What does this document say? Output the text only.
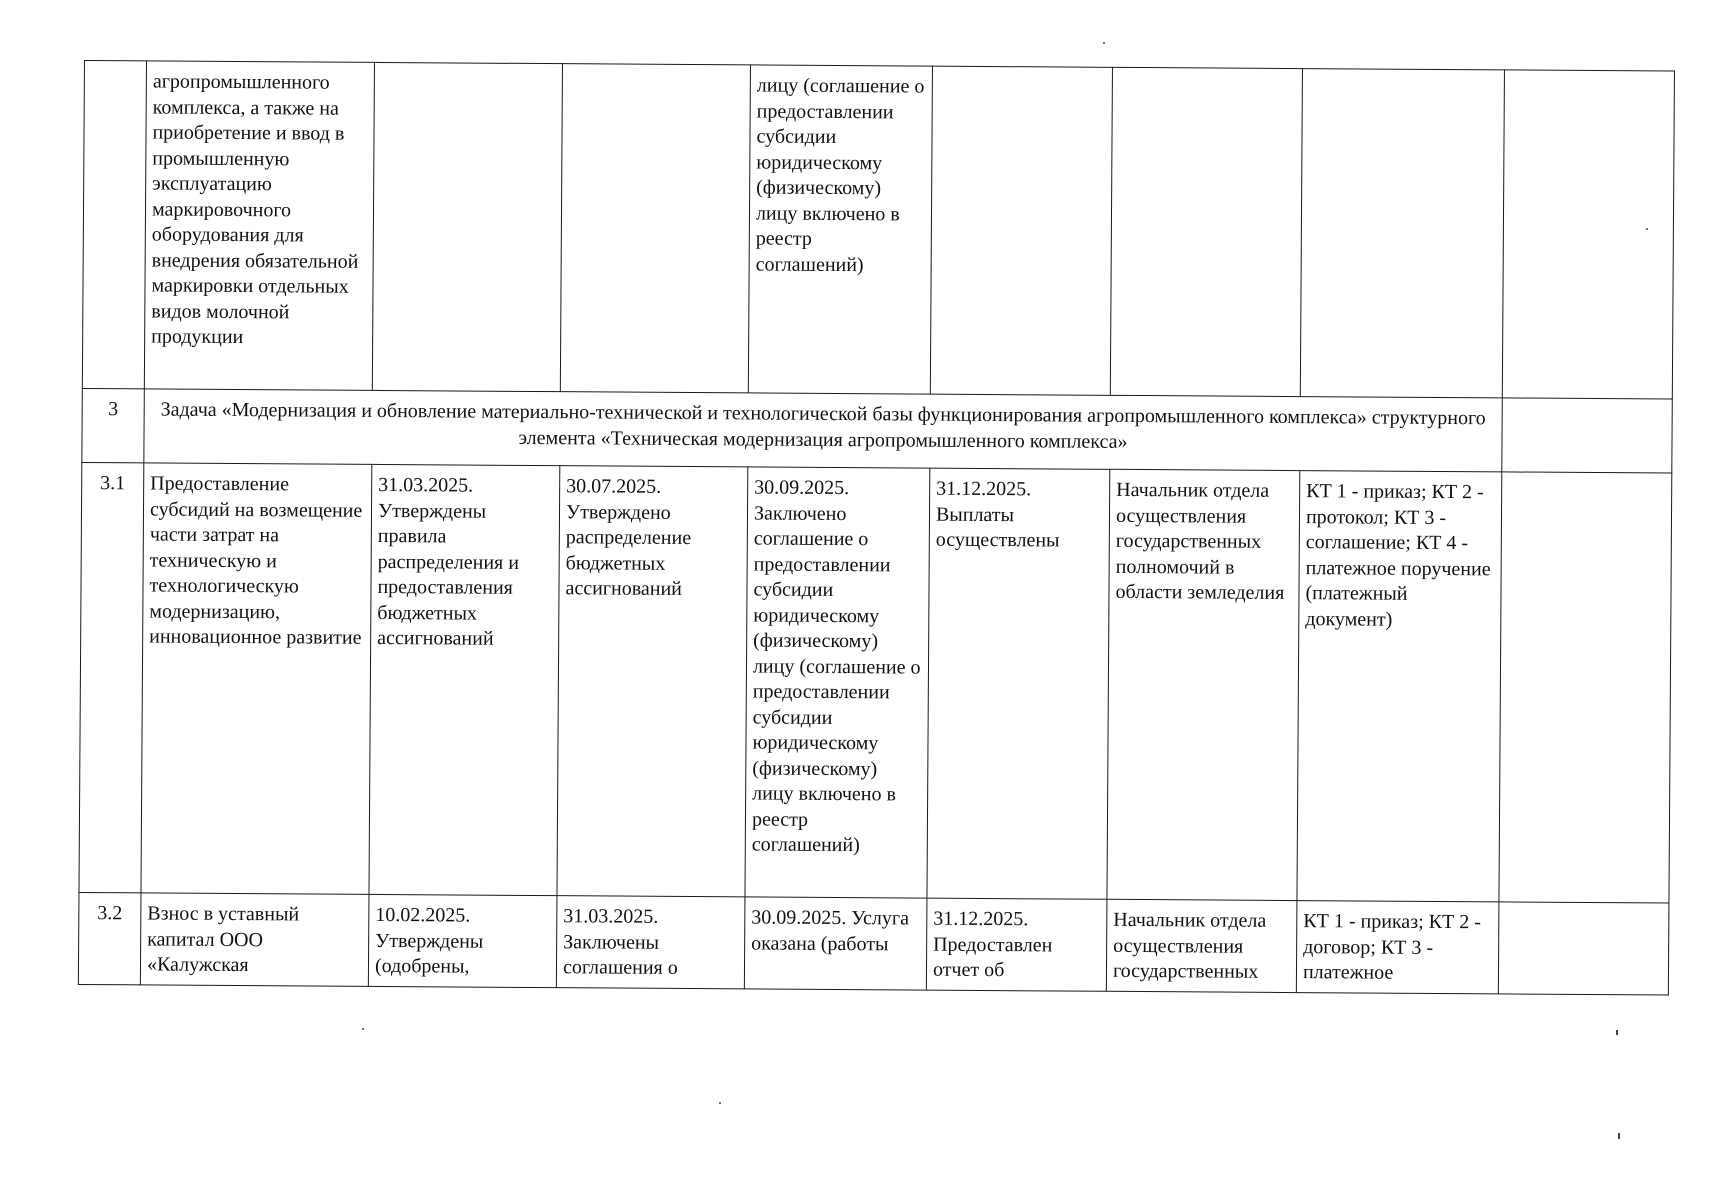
	агропромышленного комплекса, а также на приобретение и ввод в промышленную эксплуатацию маркировочного оборудования для внедрения обязательной маркировки отдельных видов молочной продукции			лицу (соглашение о предоставлении субсидии юридическому (физическому) лицу включено в реестр соглашений)				

3	Задача «Модернизация и обновление материально-технической и технологической базы функционирования агропромышленного комплекса» структурного элемента «Техническая модернизация агропромышленного комплекса»							
3.1	Предоставление субсидий на возмещение части затрат на техническую и технологическую модернизацию, инновационное развитие	31.03.2025. Утверждены правила распределения и предоставления бюджетных ассигнований	30.07.2025. Утверждено распределение бюджетных ассигнований	30.09.2025. Заключено соглашение о предоставлении субсидии юридическому (физическому) лицу (соглашение о предоставлении субсидии юридическому (физическому) лицу включено в реестр соглашений)	31.12.2025. Выплаты осуществлены	Начальник отдела осуществления государственных полномочий в области земледелия	КТ 1 - приказ; КТ 2 - протокол; КТ 3 - соглашение; КТ 4 - платежное поручение (платежный документ)	
3.2	Взнос в уставный капитал ООО «Калужская	10.02.2025. Утверждены (одобрены,	31.03.2025. Заключены соглашения о	30.09.2025. Услуга оказана (работы	31.12.2025. Предоставлен отчет об	Начальник отдела осуществления государственных	КТ 1 - приказ; КТ 2 - договор; КТ 3 - платежное	
